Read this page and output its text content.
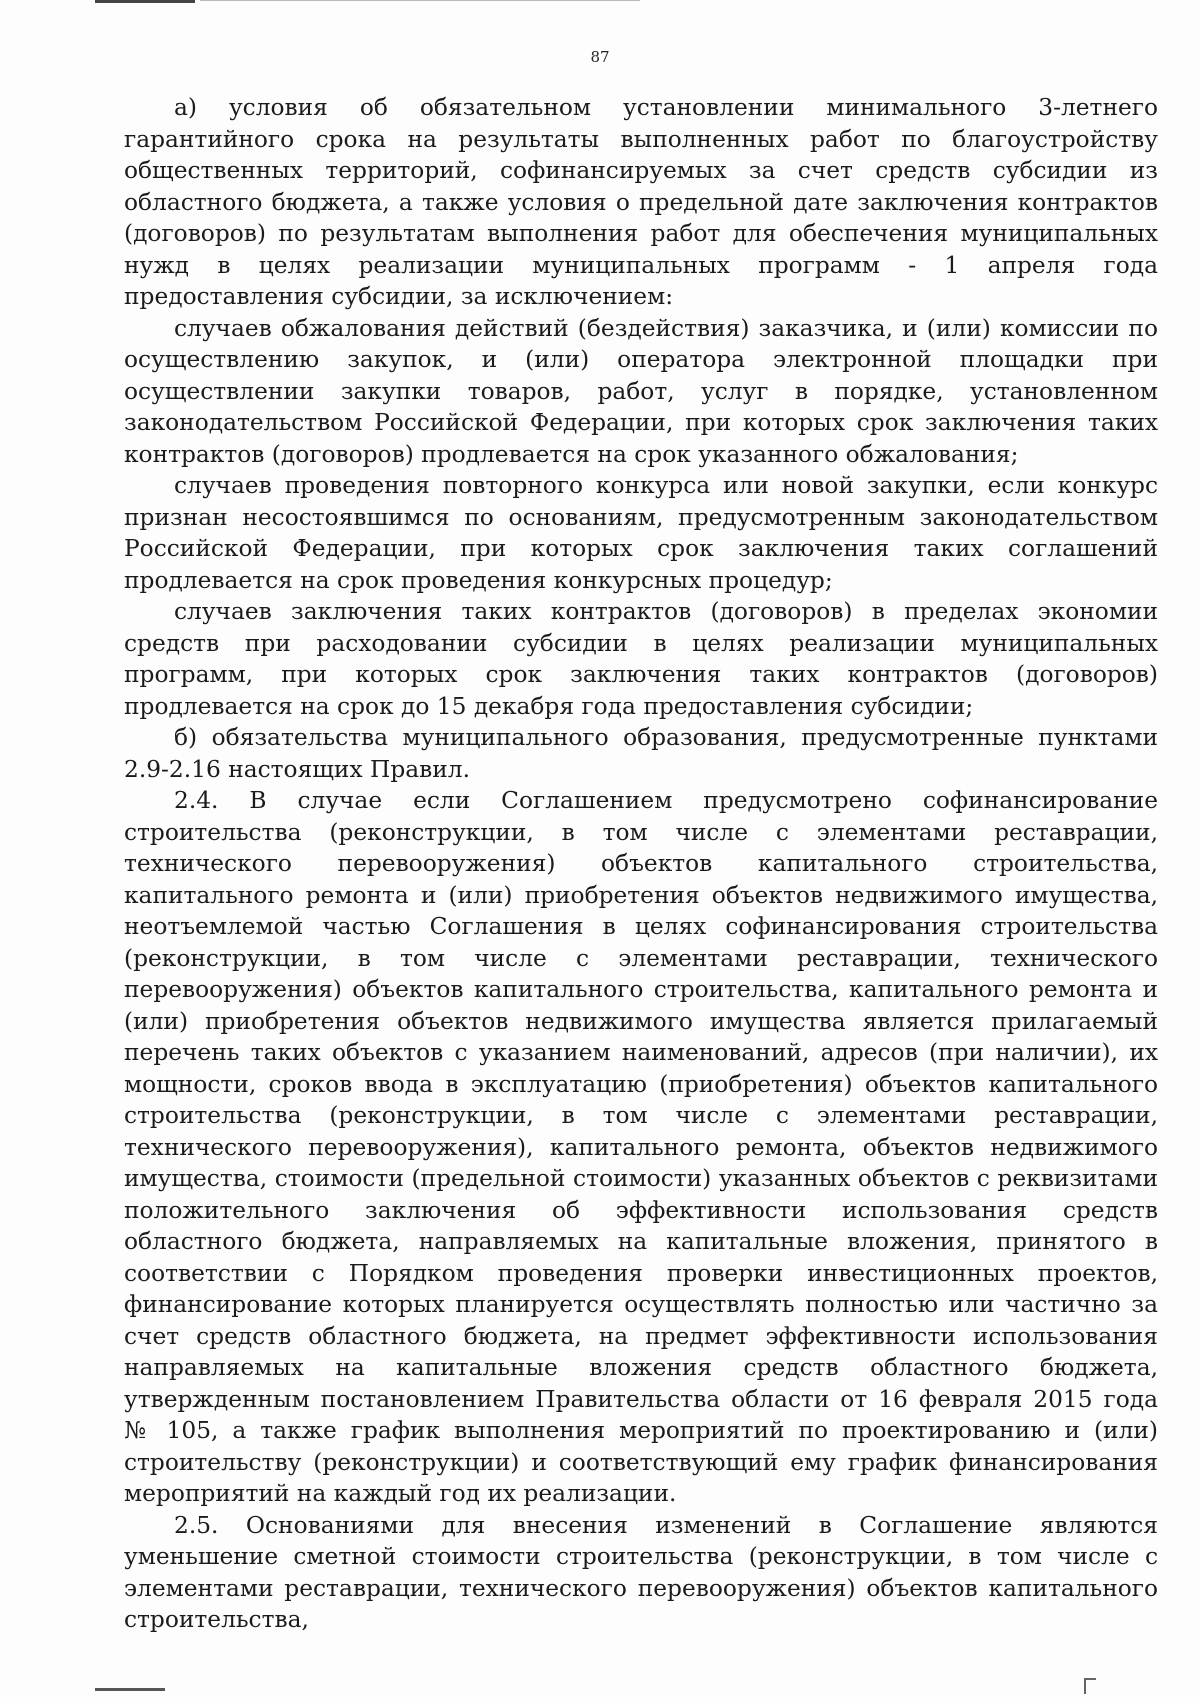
87

а) условия об обязательном установлении минимального 3-летнего гарантийного срока на результаты выполненных работ по благоустройству общественных территорий, софинансируемых за счет средств субсидии из областного бюджета, а также условия о предельной дате заключения контрактов (договоров) по результатам выполнения работ для обеспечения муниципальных нужд в целях реализации муниципальных программ - 1 апреля года предоставления субсидии, за исключением:

случаев обжалования действий (бездействия) заказчика, и (или) комиссии по осуществлению закупок, и (или) оператора электронной площадки при осуществлении закупки товаров, работ, услуг в порядке, установленном законодательством Российской Федерации, при которых срок заключения таких контрактов (договоров) продлевается на срок указанного обжалования;

случаев проведения повторного конкурса или новой закупки, если конкурс признан несостоявшимся по основаниям, предусмотренным законодательством Российской Федерации, при которых срок заключения таких соглашений продлевается на срок проведения конкурсных процедур;

случаев заключения таких контрактов (договоров) в пределах экономии средств при расходовании субсидии в целях реализации муниципальных программ, при которых срок заключения таких контрактов (договоров) продлевается на срок до 15 декабря года предоставления субсидии;

б) обязательства муниципального образования, предусмотренные пунктами 2.9-2.16 настоящих Правил.

2.4. В случае если Соглашением предусмотрено софинансирование строительства (реконструкции, в том числе с элементами реставрации, технического перевооружения) объектов капитального строительства, капитального ремонта и (или) приобретения объектов недвижимого имущества, неотъемлемой частью Соглашения в целях софинансирования строительства (реконструкции, в том числе с элементами реставрации, технического перевооружения) объектов капитального строительства, капитального ремонта и (или) приобретения объектов недвижимого имущества является прилагаемый перечень таких объектов с указанием наименований, адресов (при наличии), их мощности, сроков ввода в эксплуатацию (приобретения) объектов капитального строительства (реконструкции, в том числе с элементами реставрации, технического перевооружения), капитального ремонта, объектов недвижимого имущества, стоимости (предельной стоимости) указанных объектов с реквизитами положительного заключения об эффективности использования средств областного бюджета, направляемых на капитальные вложения, принятого в соответствии с Порядком проведения проверки инвестиционных проектов, финансирование которых планируется осуществлять полностью или частично за счет средств областного бюджета, на предмет эффективности использования направляемых на капитальные вложения средств областного бюджета, утвержденным постановлением Правительства области от 16 февраля 2015 года № 105, а также график выполнения мероприятий по проектированию и (или) строительству (реконструкции) и соответствующий ему график финансирования мероприятий на каждый год их реализации.

2.5. Основаниями для внесения изменений в Соглашение являются уменьшение сметной стоимости строительства (реконструкции, в том числе с элементами реставрации, технического перевооружения) объектов капитального строительства,
